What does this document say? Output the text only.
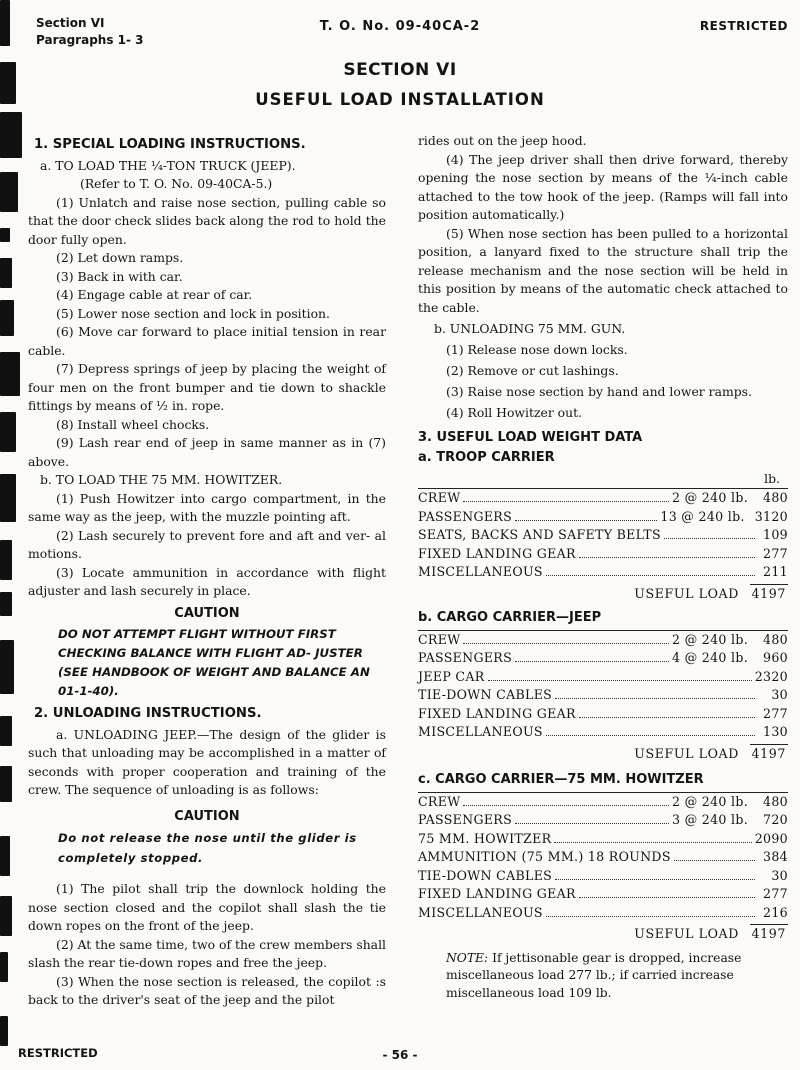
Section VI
Paragraphs 1- 3
T. O. No. 09-40CA-2	RESTRICTED
SECTION VI
USEFUL LOAD INSTALLATION
1. SPECIAL LOADING INSTRUCTIONS.

a. TO LOAD THE ¼-TON TRUCK (JEEP).

(Refer to T. O. No. 09-40CA-5.)

(1) Unlatch and raise nose section, pulling cable so that the door check slides back along the rod to hold the door fully open.

(2) Let down ramps.

(3) Back in with car.

(4) Engage cable at rear of car.

(5) Lower nose section and lock in position.

(6) Move car forward to place initial tension in rear cable.

(7) Depress springs of jeep by placing the weight of four men on the front bumper and tie down to shackle fittings by means of ½ in. rope.

(8) Install wheel chocks.

(9) Lash rear end of jeep in same manner as in (7) above.

b. TO LOAD THE 75 MM. HOWITZER.

(1) Push Howitzer into cargo compartment, in the same way as the jeep, with the muzzle pointing aft.

(2) Lash securely to prevent fore and aft and ver- al motions.

(3) Locate ammunition in accordance with flight adjuster and lash securely in place.

CAUTION

DO NOT ATTEMPT FLIGHT WITHOUT FIRST CHECKING BALANCE WITH FLIGHT AD- JUSTER (SEE HANDBOOK OF WEIGHT AND BALANCE AN 01-1-40).

2. UNLOADING INSTRUCTIONS.

a. UNLOADING JEEP.—The design of the glider is such that unloading may be accomplished in a matter of seconds with proper cooperation and training of the crew. The sequence of unloading is as follows:

CAUTION

Do not release the nose until the glider is completely stopped.

(1) The pilot shall trip the downlock holding the nose section closed and the copilot shall slash the tie down ropes on the front of the jeep.

(2) At the same time, two of the crew members shall slash the rear tie-down ropes and free the jeep.

(3) When the nose section is released, the copilot :s back to the driver's seat of the jeep and the pilot

rides out on the jeep hood.

(4) The jeep driver shall then drive forward, thereby opening the nose section by means of the ¼-inch cable attached to the tow hook of the jeep. (Ramps will fall into position automatically.)

(5) When nose section has been pulled to a horizontal position, a lanyard fixed to the structure shall trip the release mechanism and the nose section will be held in this position by means of the automatic check attached to the cable.

b. UNLOADING 75 MM. GUN.

(1) Release nose down locks.

(2) Remove or cut lashings.

(3) Raise nose section by hand and lower ramps.

(4) Roll Howitzer out.

3. USEFUL LOAD WEIGHT DATA
a. TROOP CARRIER

lb.

CREW	2 @ 240 lb.	480
PASSENGERS	13 @ 240 lb. 3120
SEATS, BACKS AND SAFETY BELTS	109
FIXED LANDING GEAR	277
MISCELLANEOUS	211
USEFUL LOAD 4197
b. CARGO CARRIER—JEEP
CREW	2 @ 240 lb.	480
PASSENGERS	4 @ 240 lb.	960
JEEP CAR	2320
TIE-DOWN CABLES	30
FIXED LANDING GEAR	277
MISCELLANEOUS	130
USEFUL LOAD 4197
c. CARGO CARRIER—75 MM. HOWITZER
CREW	2 @ 240 lb.	480
PASSENGERS	3 @ 240 lb.	720
75 MM. HOWITZER	2090
AMMUNITION (75 MM.) 18 ROUNDS	384
TIE-DOWN CABLES	30
FIXED LANDING GEAR	277
MISCELLANEOUS	216
USEFUL LOAD 4197
NOTE: If jettisonable gear is dropped, increase miscellaneous load 277 lb.; if carried increase miscellaneous load 109 lb.
RESTRICTED	- 56 -
